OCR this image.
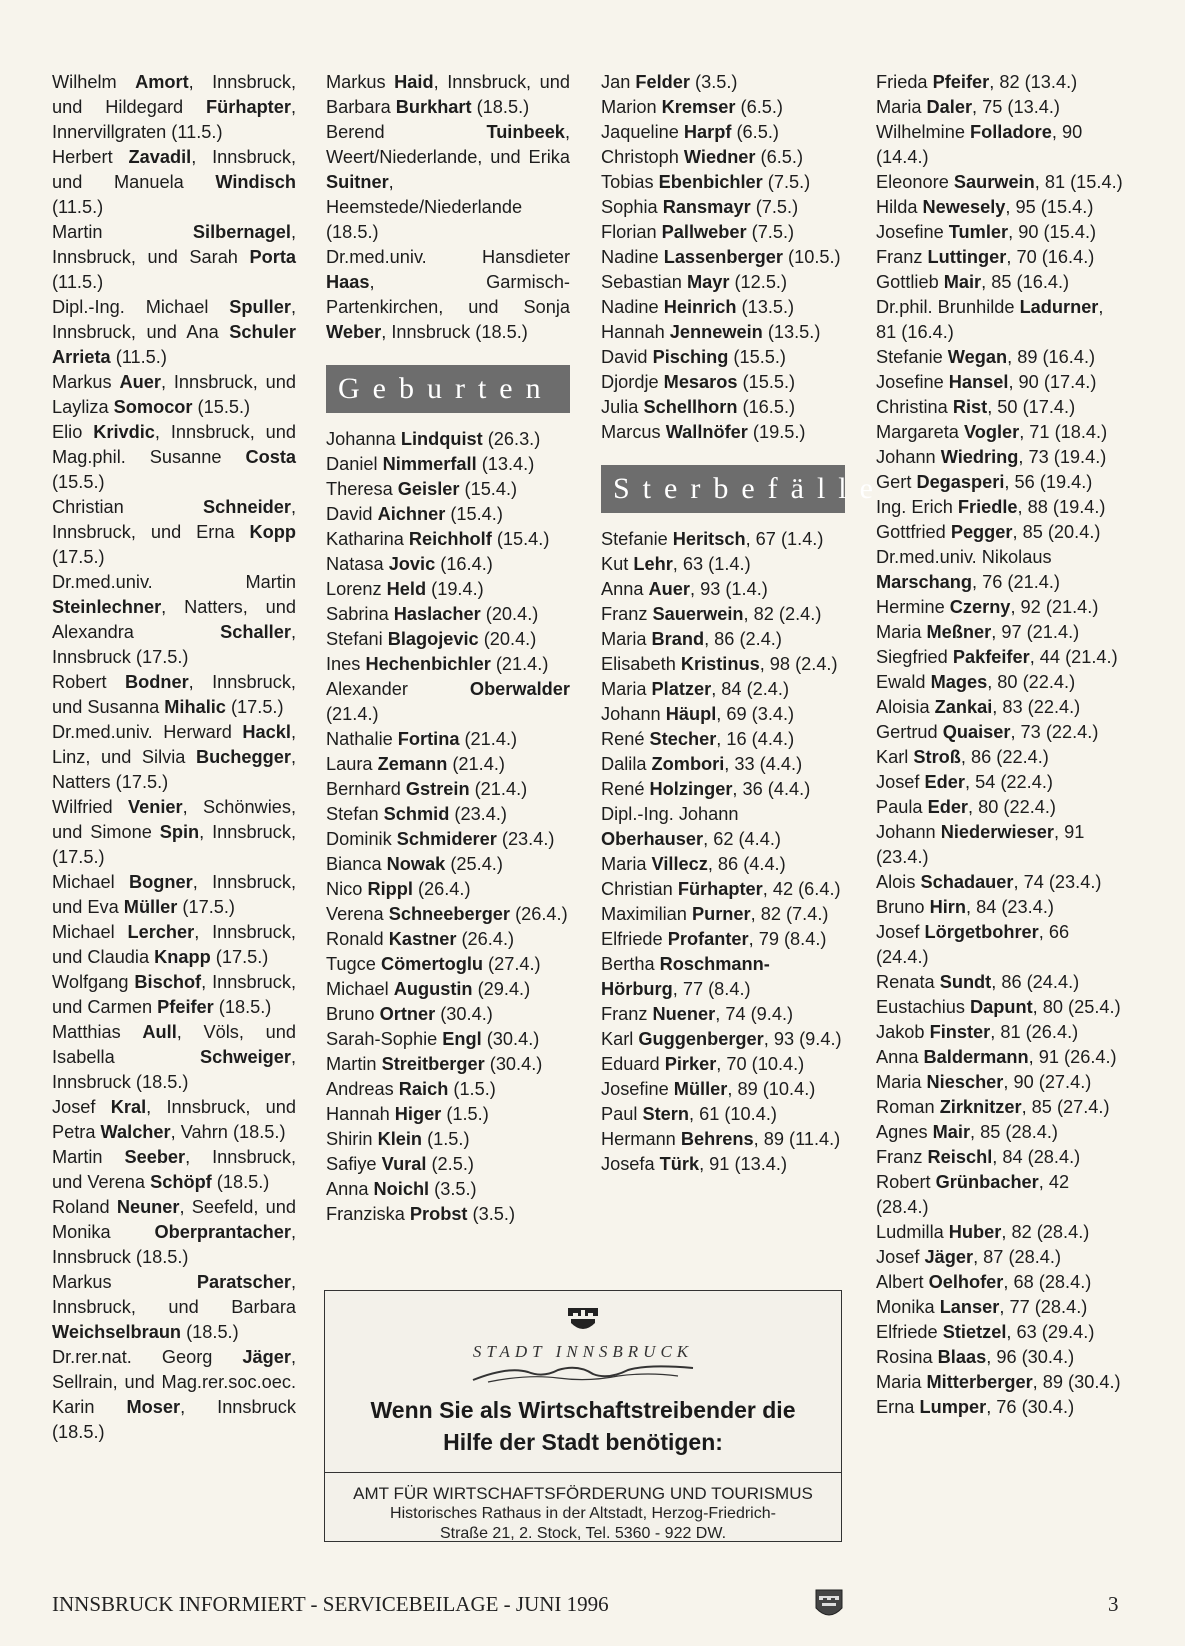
Wilhelm Amort, Innsbruck, und Hildegard Fürhapter, Innervillgraten (11.5.)
Herbert Zavadil, Innsbruck, und Manuela Windisch (11.5.)
Martin Silbernagel, Innsbruck, und Sarah Porta (11.5.)
Dipl.-Ing. Michael Spuller, Innsbruck, und Ana Schuler Arrieta (11.5.)
Markus Auer, Innsbruck, und Layliza Somocor (15.5.)
Elio Krivdic, Innsbruck, und Mag.phil. Susanne Costa (15.5.)
Christian Schneider, Innsbruck, und Erna Kopp (17.5.)
Dr.med.univ. Martin Steinlechner, Natters, und Alexandra Schaller, Innsbruck (17.5.)
Robert Bodner, Innsbruck, und Susanna Mihalic (17.5.)
Dr.med.univ. Herward Hackl, Linz, und Silvia Buchegger, Natters (17.5.)
Wilfried Venier, Schönwies, und Simone Spin, Innsbruck, (17.5.)
Michael Bogner, Innsbruck, und Eva Müller (17.5.)
Michael Lercher, Innsbruck, und Claudia Knapp (17.5.)
Wolfgang Bischof, Innsbruck, und Carmen Pfeifer (18.5.)
Matthias Aull, Völs, und Isabella Schweiger, Innsbruck (18.5.)
Josef Kral, Innsbruck, und Petra Walcher, Vahrn (18.5.)
Martin Seeber, Innsbruck, und Verena Schöpf (18.5.)
Roland Neuner, Seefeld, und Monika Oberprantacher, Innsbruck (18.5.)
Markus Paratscher, Innsbruck, und Barbara Weichselbraun (18.5.)
Dr.rer.nat. Georg Jäger, Sellrain, und Mag.rer.soc.oec. Karin Moser, Innsbruck (18.5.)
Markus Haid, Innsbruck, und Barbara Burkhart (18.5.)
Berend Tuinbeek, Weert/Niederlande, und Erika Suitner, Heemstede/Niederlande (18.5.)
Dr.med.univ. Hansdieter Haas, Garmisch-Partenkirchen, und Sonja Weber, Innsbruck (18.5.)
Geburten
Johanna Lindquist (26.3.)
Daniel Nimmerfall (13.4.)
Theresa Geisler (15.4.)
David Aichner (15.4.)
Katharina Reichholf (15.4.)
Natasa Jovic (16.4.)
Lorenz Held (19.4.)
Sabrina Haslacher (20.4.)
Stefani Blagojevic (20.4.)
Ines Hechenbichler (21.4.)
Alexander Oberwalder (21.4.)
Nathalie Fortina (21.4.)
Laura Zemann (21.4.)
Bernhard Gstrein (21.4.)
Stefan Schmid (23.4.)
Dominik Schmiderer (23.4.)
Bianca Nowak (25.4.)
Nico Rippl (26.4.)
Verena Schneeberger (26.4.)
Ronald Kastner (26.4.)
Tugce Cömertoglu (27.4.)
Michael Augustin (29.4.)
Bruno Ortner (30.4.)
Sarah-Sophie Engl (30.4.)
Martin Streitberger (30.4.)
Andreas Raich (1.5.)
Hannah Higer (1.5.)
Shirin Klein (1.5.)
Safiye Vural (2.5.)
Anna Noichl (3.5.)
Franziska Probst (3.5.)
Jan Felder (3.5.)
Marion Kremser (6.5.)
Jaqueline Harpf (6.5.)
Christoph Wiedner (6.5.)
Tobias Ebenbichler (7.5.)
Sophia Ransmayr (7.5.)
Florian Pallweber (7.5.)
Nadine Lassenberger (10.5.)
Sebastian Mayr (12.5.)
Nadine Heinrich (13.5.)
Hannah Jennewein (13.5.)
David Pisching (15.5.)
Djordje Mesaros (15.5.)
Julia Schellhorn (16.5.)
Marcus Wallnöfer (19.5.)
Sterbefälle
Stefanie Heritsch, 67 (1.4.)
Kut Lehr, 63 (1.4.)
Anna Auer, 93 (1.4.)
Franz Sauerwein, 82 (2.4.)
Maria Brand, 86 (2.4.)
Elisabeth Kristinus, 98 (2.4.)
Maria Platzer, 84 (2.4.)
Johann Häupl, 69 (3.4.)
René Stecher, 16 (4.4.)
Dalila Zombori, 33 (4.4.)
René Holzinger, 36 (4.4.)
Dipl.-Ing. Johann Oberhauser, 62 (4.4.)
Maria Villecz, 86 (4.4.)
Christian Fürhapter, 42 (6.4.)
Maximilian Purner, 82 (7.4.)
Elfriede Profanter, 79 (8.4.)
Bertha Roschmann-Hörburg, 77 (8.4.)
Franz Nuener, 74 (9.4.)
Karl Guggenberger, 93 (9.4.)
Eduard Pirker, 70 (10.4.)
Josefine Müller, 89 (10.4.)
Paul Stern, 61 (10.4.)
Hermann Behrens, 89 (11.4.)
Josefa Türk, 91 (13.4.)
Frieda Pfeifer, 82 (13.4.)
Maria Daler, 75 (13.4.)
Wilhelmine Folladore, 90 (14.4.)
Eleonore Saurwein, 81 (15.4.)
Hilda Newesely, 95 (15.4.)
Josefine Tumler, 90 (15.4.)
Franz Luttinger, 70 (16.4.)
Gottlieb Mair, 85 (16.4.)
Dr.phil. Brunhilde Ladurner, 81 (16.4.)
Stefanie Wegan, 89 (16.4.)
Josefine Hansel, 90 (17.4.)
Christina Rist, 50 (17.4.)
Margareta Vogler, 71 (18.4.)
Johann Wiedring, 73 (19.4.)
Gert Degasperi, 56 (19.4.)
Ing. Erich Friedle, 88 (19.4.)
Gottfried Pegger, 85 (20.4.)
Dr.med.univ. Nikolaus Marschang, 76 (21.4.)
Hermine Czerny, 92 (21.4.)
Maria Meßner, 97 (21.4.)
Siegfried Pakfeifer, 44 (21.4.)
Ewald Mages, 80 (22.4.)
Aloisia Zankai, 83 (22.4.)
Gertrud Quaiser, 73 (22.4.)
Karl Stroß, 86 (22.4.)
Josef Eder, 54 (22.4.)
Paula Eder, 80 (22.4.)
Johann Niederwieser, 91 (23.4.)
Alois Schadauer, 74 (23.4.)
Bruno Hirn, 84 (23.4.)
Josef Lörgetbohrer, 66 (24.4.)
Renata Sundt, 86 (24.4.)
Eustachius Dapunt, 80 (25.4.)
Jakob Finster, 81 (26.4.)
Anna Baldermann, 91 (26.4.)
Maria Niescher, 90 (27.4.)
Roman Zirknitzer, 85 (27.4.)
Agnes Mair, 85 (28.4.)
Franz Reischl, 84 (28.4.)
Robert Grünbacher, 42 (28.4.)
Ludmilla Huber, 82 (28.4.)
Josef Jäger, 87 (28.4.)
Albert Oelhofer, 68 (28.4.)
Monika Lanser, 77 (28.4.)
Elfriede Stietzel, 63 (29.4.)
Rosina Blaas, 96 (30.4.)
Maria Mitterberger, 89 (30.4.)
Erna Lumper, 76 (30.4.)
STADT INNSBRUCK
Wenn Sie als Wirtschaftstreibender die
Hilfe der Stadt benötigen:
AMT FÜR WIRTSCHAFTSFÖRDERUNG UND TOURISMUS
Historisches Rathaus in der Altstadt, Herzog-Friedrich-
Straße 21, 2. Stock, Tel. 5360 - 922 DW.
INNSBRUCK INFORMIERT - SERVICEBEILAGE - JUNI 1996	3
